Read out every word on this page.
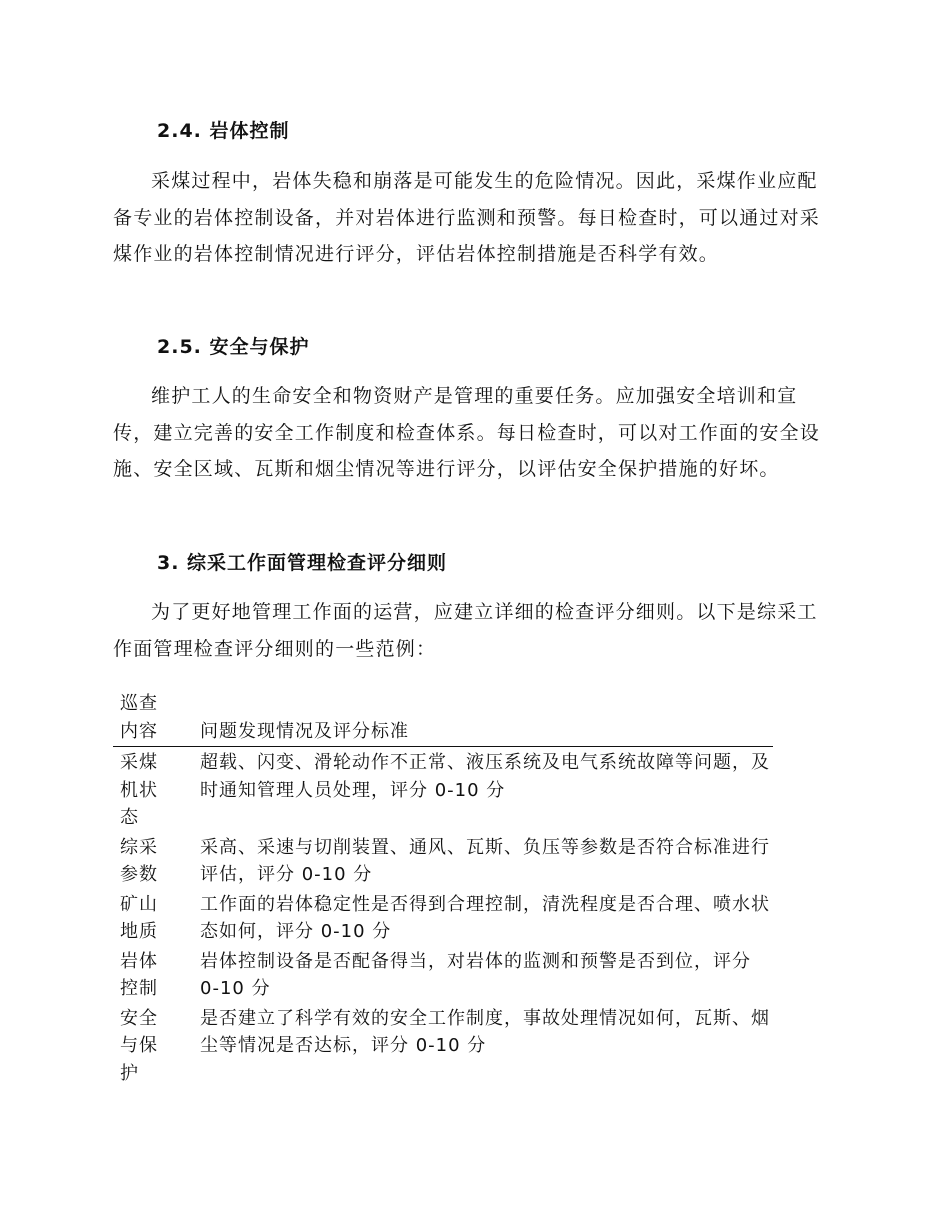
2.4. 岩体控制

采煤过程中，岩体失稳和崩落是可能发生的危险情况。因此，采煤作业应配备专业的岩体控制设备，并对岩体进行监测和预警。每日检查时，可以通过对采煤作业的岩体控制情况进行评分，评估岩体控制措施是否科学有效。

2.5. 安全与保护

维护工人的生命安全和物资财产是管理的重要任务。应加强安全培训和宣传，建立完善的安全工作制度和检查体系。每日检查时，可以对工作面的安全设施、安全区域、瓦斯和烟尘情况等进行评分，以评估安全保护措施的好坏。

3. 综采工作面管理检查评分细则

为了更好地管理工作面的运营，应建立详细的检查评分细则。以下是综采工作面管理检查评分细则的一些范例：

巡查内容	问题发现情况及评分标准

采煤机状态	超载、闪变、滑轮动作不正常、液压系统及电气系统故障等问题，及时通知管理人员处理，评分 0-10 分

综采参数	采高、采速与切削装置、通风、瓦斯、负压等参数是否符合标准进行评估，评分 0-10 分

矿山地质	工作面的岩体稳定性是否得到合理控制，清洗程度是否合理、喷水状态如何，评分 0-10 分

岩体控制	岩体控制设备是否配备得当，对岩体的监测和预警是否到位，评分 0-10 分

安全与保护	是否建立了科学有效的安全工作制度，事故处理情况如何，瓦斯、烟尘等情况是否达标，评分 0-10 分
